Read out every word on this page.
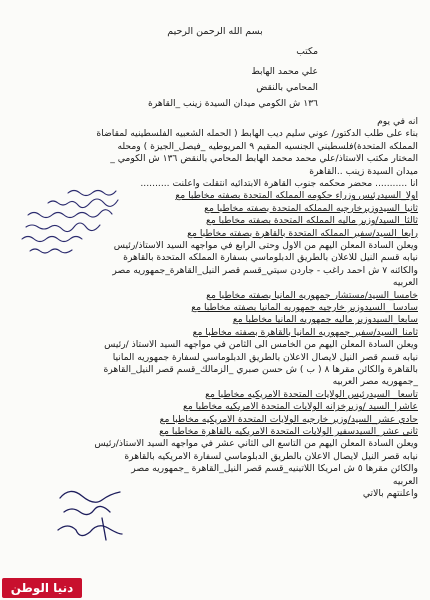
بسم الله الرحمن الرحيم
مكتب
علي محمد الهابط
المحامي بالنقض
١٣٦ ش الكومي ميدان السيدة زينب _القاهرة
انه في يوم
بناء على طلب الدكتور/ عوني سليم ديب الهابط ( الحمله الشعبيه الفلسطينيه لمقاضاة
المملكه المتحدة)فلسطيني الجنسيه المقيم ٩ المريوطيه _فيصل_الجيزة ) ومحله
المختار مكتب الاستاذ/علي محمد محمد الهابط المحامي بالنقض ١٣٦ ش الكومي _
ميدان السيدة زينب ..القاهرة
انا ........... محضر محكمه جنوب القاهرة الابتدائيه انتقلت واعلنت ..........
اولا_السيدرئيس وزراء حكومه المملكه المتحدة بصفته مخاطبا مع
ثانيا_السيدوزيرخارجيه المملكه المتحدة بصفته مخاطبا مع
ثالثا_السيد/وزير ماليه المملكه المتحدة بصفته مخاطبا مع
رابعا_السيد/سفير المملكه المتحدة بالقاهرة بصفته مخاطبا مع
ويعلن السادة المعلن اليهم من الاول وحتى الرابع في مواجهه السيد الاستاذ/رئيس
نيابه قسم النيل للاعلان بالطريق الدبلوماسي بسفارة المملكه المتحدة بالقاهرة
والكائنه ٧ ش احمد راغب - جاردن سيتي_قسم قصر النيل_القاهرة_جمهوريه مصر
العربيه
خامسا_السيد/مستشار جمهوريه المانيا بصفته مخاطبا مع
سادسا _السيدوزير خارجيه جمهوريه المانيا بصفته مخاطبا مع
سابعا_السيدوزير ماليه جمهوريه المانيا مخاطبا مع
ثامنا_السيد/سفير جمهوريه المانيا بالقاهرة بصفته مخاطبا مع
ويعلن السادة المعلن اليهم من الخامس الى الثامن في مواجهه السيد الاستاذ /رئيس
نيابه قسم قصر النيل لايصال الاعلان بالطريق الدبلوماسي لسفارة جمهوريه المانيا
بالقاهرة والكائن مقرها ٨ ( ب ) ش حسن صبري _الزمالك_قسم قصر النيل_القاهرة
_جمهوريه مصر العربيه
تاسعا_ السيدرئيس الولايات المتحدة الامريكيه مخاطبا مع
عاشرا_السيد /وزيرخزانه الولايات المتحدة الامريكيه مخاطبا مع
حادي عشر_السيد/وزير خارجيه الولايات المتحدة الامريكيه مخاطبا مع
ثاني عشر_السيدسفير الولايات المتحدة الامريكيه بالقاهرة مخاطبا مع
ويعلن السادة المعلن اليهم من التاسع الى الثاني عشر في مواجهه السيد الاستاذ/رئيس
نيابه قصر النيل لايصال الاعلان بالطريق الدبلوماسي لسفارة الامريكيه بالقاهرة
والكائن مقرها ٥ ش امريكا اللاتينيه_قسم قصر النيل_القاهرة _جمهوريه مصر
العربيه
واعلنتهم بالاتي
دنيا الوطن
